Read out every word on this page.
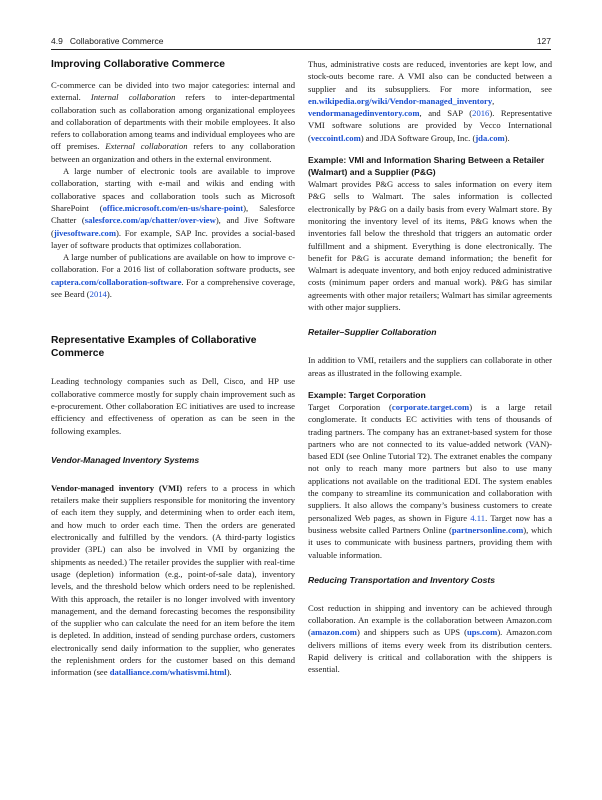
4.9   Collaborative Commerce	127
Improving Collaborative Commerce

C-commerce can be divided into two major categories: internal and external. Internal collaboration refers to inter-departmental collaboration such as collaboration among organizational employees and collaboration of departments with their mobile employees. It also refers to collaboration among teams and individual employees who are off premises. External collaboration refers to any collaboration between an organization and others in the external environment.

A large number of electronic tools are available to improve collaboration, starting with e-mail and wikis and ending with collaborative spaces and collaboration tools such as Microsoft SharePoint (office.microsoft.com/en-us/share-point), Salesforce Chatter (salesforce.com/ap/chatter/over-view), and Jive Software (jivesoftware.com). For example, SAP Inc. provides a social-based layer of software products that optimizes collaboration.

A large number of publications are available on how to improve c-collaboration. For a 2016 list of collaboration software products, see captera.com/collaboration-software. For a comprehensive coverage, see Beard (2014).

Representative Examples of Collaborative Commerce

Leading technology companies such as Dell, Cisco, and HP use collaborative commerce mostly for supply chain improvement such as e-procurement. Other collaboration EC initiatives are used to increase efficiency and effectiveness of operation as can be seen in the following examples.

Vendor-Managed Inventory Systems

Vendor-managed inventory (VMI) refers to a process in which retailers make their suppliers responsible for monitoring the inventory of each item they supply, and determining when to order each item, and how much to order each time. Then the orders are generated electronically and fulfilled by the vendors. (A third-party logistics provider (3PL) can also be involved in VMI by organizing the shipments as needed.) The retailer provides the supplier with real-time usage (depletion) information (e.g., point-of-sale data), inventory levels, and the threshold below which orders need to be replenished. With this approach, the retailer is no longer involved with inventory management, and the demand forecasting becomes the responsibility of the supplier who can calculate the need for an item before the item is depleted. In addition, instead of sending purchase orders, customers electronically send daily information to the supplier, who generates the replenishment orders for the customer based on this demand information (see datalliance.com/whatisvmi.html).

Thus, administrative costs are reduced, inventories are kept low, and stock-outs become rare. A VMI also can be conducted between a supplier and its subsuppliers. For more information, see en.wikipedia.org/wiki/Vendor-managed_inventory, vendormanagedinventory.com, and SAP (2016). Representative VMI software solutions are provided by Vecco International (veccointl.com) and JDA Software Group, Inc. (jda.com).

Example: VMI and Information Sharing Between a Retailer (Walmart) and a Supplier (P&G)

Walmart provides P&G access to sales information on every item P&G sells to Walmart. The sales information is collected electronically by P&G on a daily basis from every Walmart store. By monitoring the inventory level of its items, P&G knows when the inventories fall below the threshold that triggers an automatic order fulfillment and a shipment. Everything is done electronically. The benefit for P&G is accurate demand information; the benefit for Walmart is adequate inventory, and both enjoy reduced administrative costs (minimum paper orders and manual work). P&G has similar agreements with other major retailers; Walmart has similar agreements with other major suppliers.

Retailer–Supplier Collaboration

In addition to VMI, retailers and the suppliers can collaborate in other areas as illustrated in the following example.

Example: Target Corporation

Target Corporation (corporate.target.com) is a large retail conglomerate. It conducts EC activities with tens of thousands of trading partners. The company has an extranet-based system for those partners who are not connected to its value-added network (VAN)-based EDI (see Online Tutorial T2). The extranet enables the company not only to reach many more partners but also to use many applications not available on the traditional EDI. The system enables the company to streamline its communication and collaboration with suppliers. It also allows the company’s business customers to create personalized Web pages, as shown in Figure 4.11. Target now has a business website called Partners Online (partnersonline.com), which it uses to communicate with business partners, providing them with valuable information.

Reducing Transportation and Inventory Costs

Cost reduction in shipping and inventory can be achieved through collaboration. An example is the collaboration between Amazon.com (amazon.com) and shippers such as UPS (ups.com). Amazon.com delivers millions of items every week from its distribution centers. Rapid delivery is critical and collaboration with the shippers is essential.
